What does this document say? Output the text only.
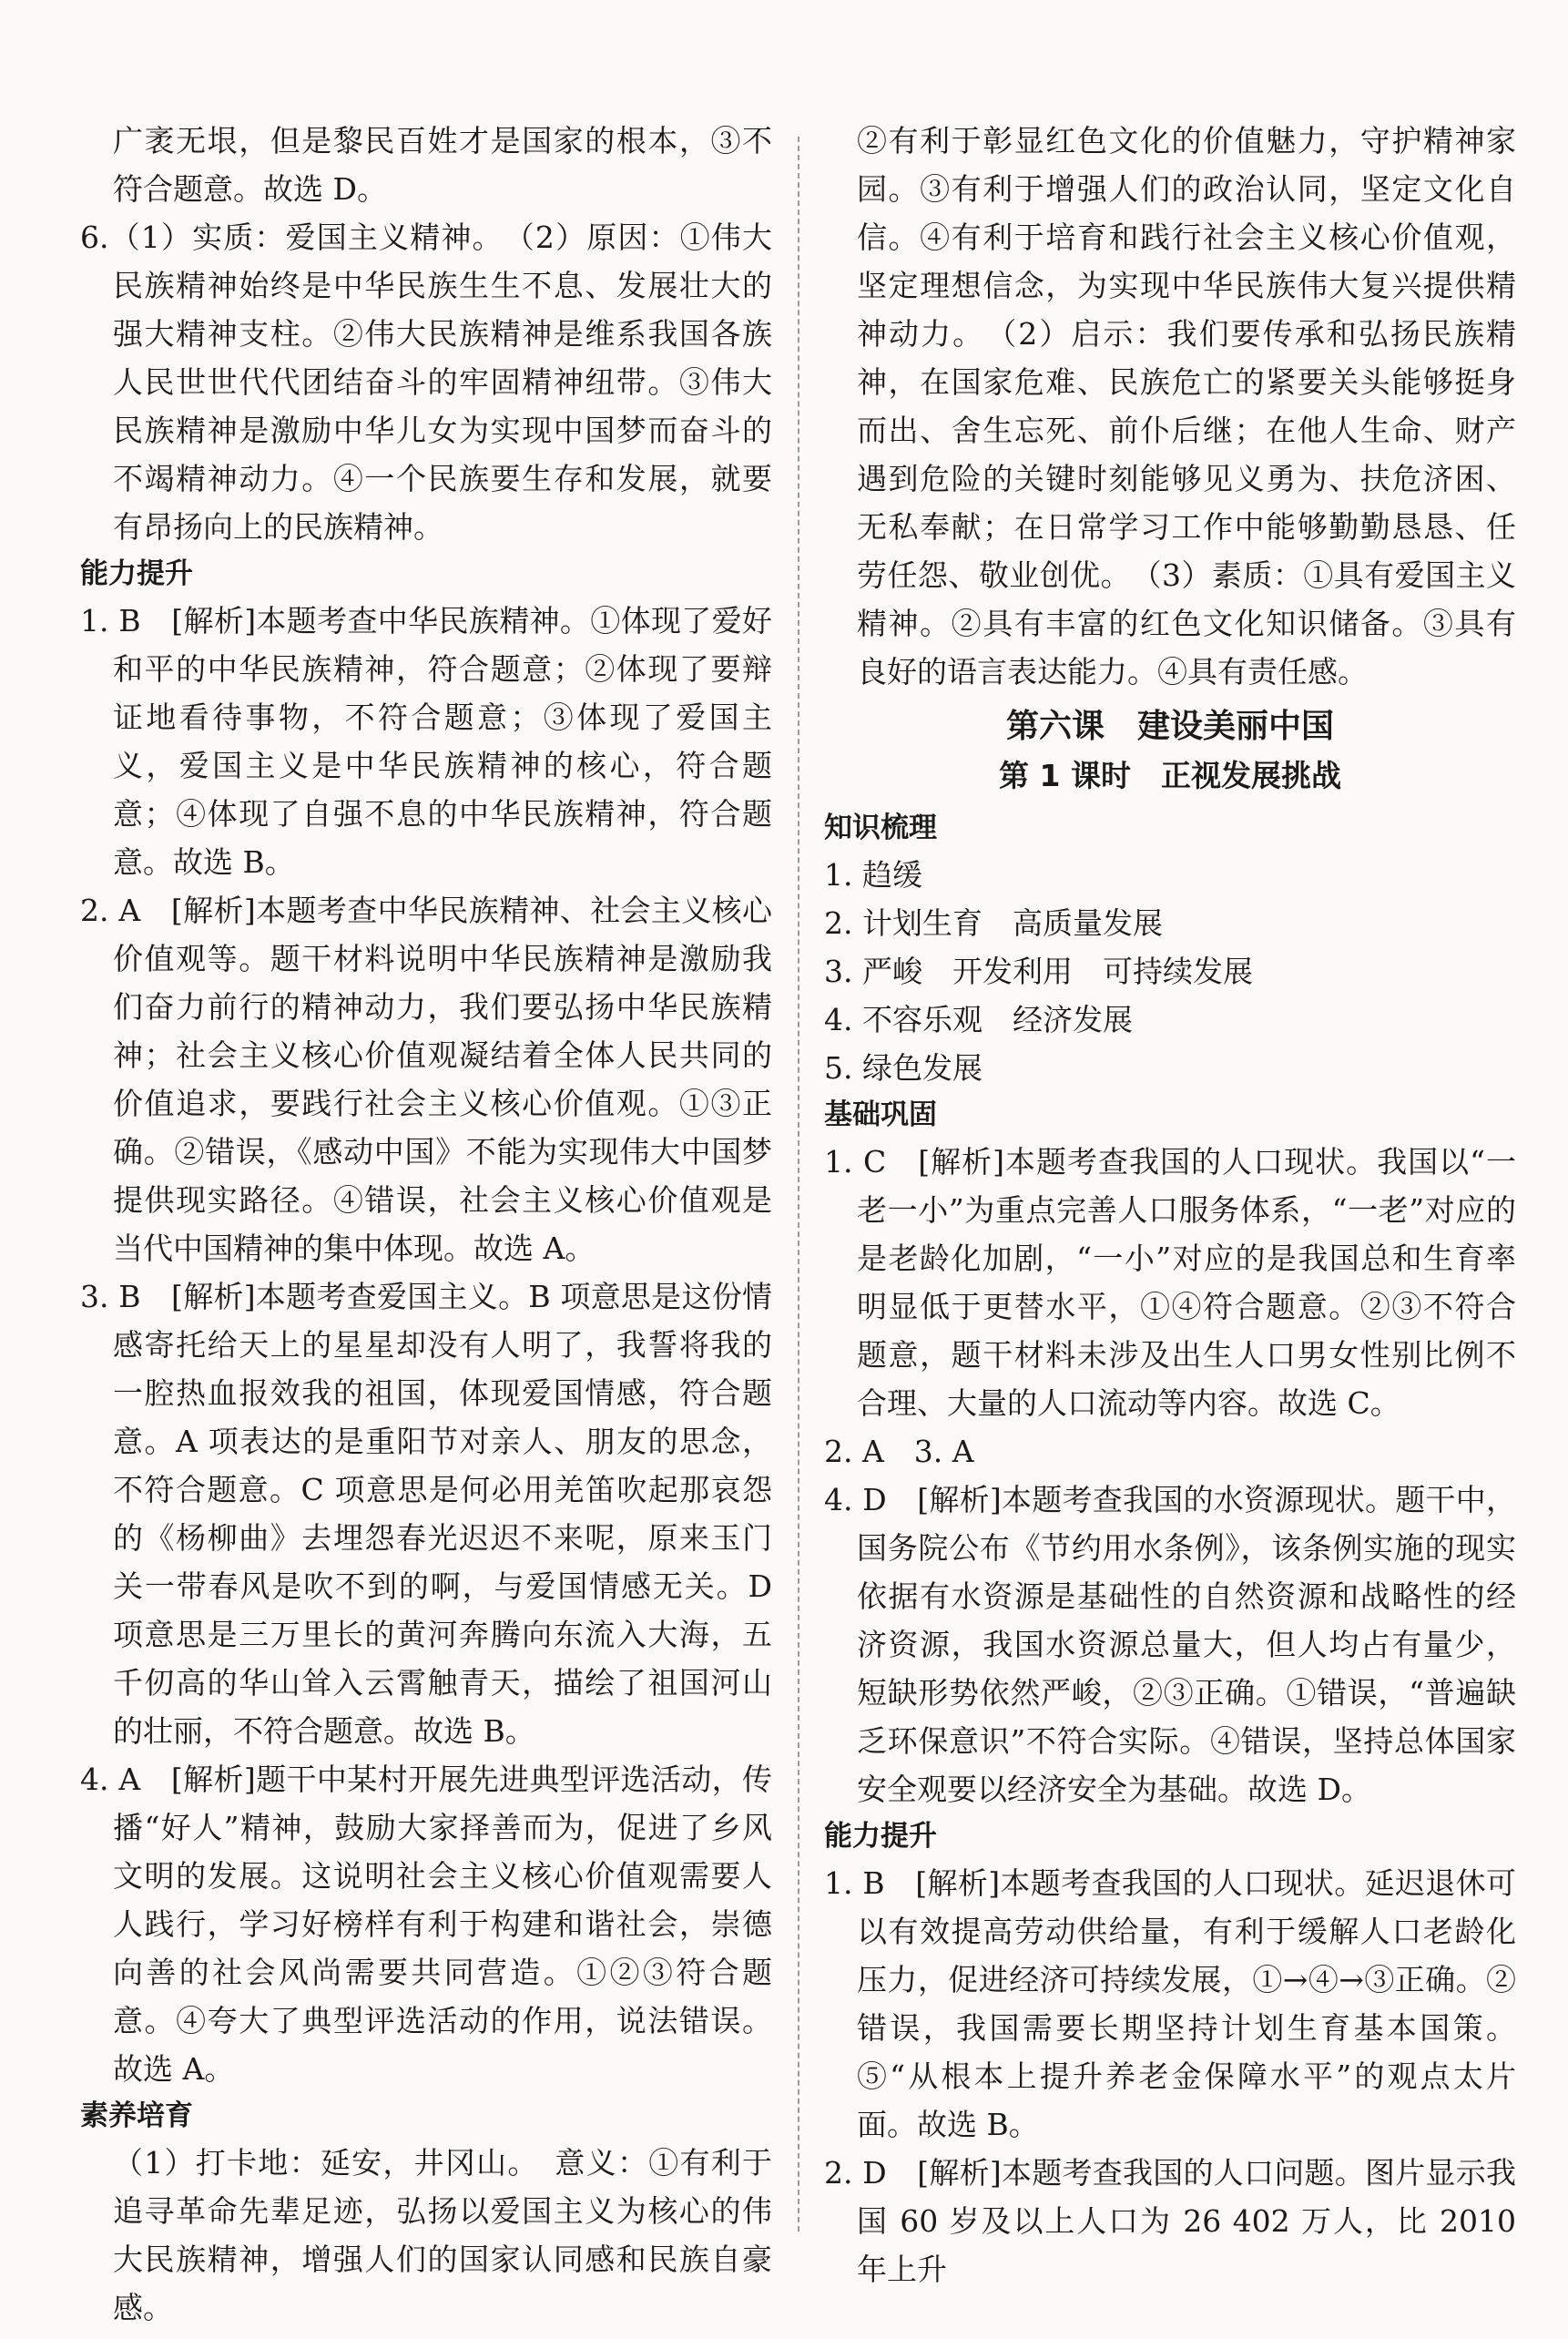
广袤无垠，但是黎民百姓才是国家的根本，③不符合题意。故选 D。

6.（1）实质：爱国主义精神。　（2）原因：①伟大民族精神始终是中华民族生生不息、发展壮大的强大精神支柱。②伟大民族精神是维系我国各族人民世世代代团结奋斗的牢固精神纽带。③伟大民族精神是激励中华儿女为实现中国梦而奋斗的不竭精神动力。④一个民族要生存和发展，就要有昂扬向上的民族精神。

能力提升

1. B　[解析]本题考查中华民族精神。①体现了爱好和平的中华民族精神，符合题意；②体现了要辩证地看待事物，不符合题意；③体现了爱国主义，爱国主义是中华民族精神的核心，符合题意；④体现了自强不息的中华民族精神，符合题意。故选 B。

2. A　[解析]本题考查中华民族精神、社会主义核心价值观等。题干材料说明中华民族精神是激励我们奋力前行的精神动力，我们要弘扬中华民族精神；社会主义核心价值观凝结着全体人民共同的价值追求，要践行社会主义核心价值观。①③正确。②错误，《感动中国》不能为实现伟大中国梦提供现实路径。④错误，社会主义核心价值观是当代中国精神的集中体现。故选 A。

3. B　[解析]本题考查爱国主义。B 项意思是这份情感寄托给天上的星星却没有人明了，我誓将我的一腔热血报效我的祖国，体现爱国情感，符合题意。A 项表达的是重阳节对亲人、朋友的思念，不符合题意。C 项意思是何必用羌笛吹起那哀怨的《杨柳曲》去埋怨春光迟迟不来呢，原来玉门关一带春风是吹不到的啊，与爱国情感无关。D 项意思是三万里长的黄河奔腾向东流入大海，五千仞高的华山耸入云霄触青天，描绘了祖国河山的壮丽，不符合题意。故选 B。

4. A　[解析]题干中某村开展先进典型评选活动，传播“好人”精神，鼓励大家择善而为，促进了乡风文明的发展。这说明社会主义核心价值观需要人人践行，学习好榜样有利于构建和谐社会，崇德向善的社会风尚需要共同营造。①②③符合题意。④夸大了典型评选活动的作用，说法错误。故选 A。

素养培育

（1）打卡地：延安，井冈山。　意义：①有利于追寻革命先辈足迹，弘扬以爱国主义为核心的伟大民族精神，增强人们的国家认同感和民族自豪感。

②有利于彰显红色文化的价值魅力，守护精神家园。③有利于增强人们的政治认同，坚定文化自信。④有利于培育和践行社会主义核心价值观，坚定理想信念，为实现中华民族伟大复兴提供精神动力。　（2）启示：我们要传承和弘扬民族精神，在国家危难、民族危亡的紧要关头能够挺身而出、舍生忘死、前仆后继；在他人生命、财产遇到危险的关键时刻能够见义勇为、扶危济困、无私奉献；在日常学习工作中能够勤勤恳恳、任劳任怨、敬业创优。　（3）素质：①具有爱国主义精神。②具有丰富的红色文化知识储备。③具有良好的语言表达能力。④具有责任感。

第六课　建设美丽中国

第 1 课时　正视发展挑战

知识梳理

1. 趋缓

2. 计划生育　高质量发展

3. 严峻　开发利用　可持续发展

4. 不容乐观　经济发展

5. 绿色发展

基础巩固

1. C　[解析]本题考查我国的人口现状。我国以“一老一小”为重点完善人口服务体系，“一老”对应的是老龄化加剧，“一小”对应的是我国总和生育率明显低于更替水平，①④符合题意。②③不符合题意，题干材料未涉及出生人口男女性别比例不合理、大量的人口流动等内容。故选 C。

2. A　3. A

4. D　[解析]本题考查我国的水资源现状。题干中，国务院公布《节约用水条例》，该条例实施的现实依据有水资源是基础性的自然资源和战略性的经济资源，我国水资源总量大，但人均占有量少，短缺形势依然严峻，②③正确。①错误，“普遍缺乏环保意识”不符合实际。④错误，坚持总体国家安全观要以经济安全为基础。故选 D。

能力提升

1. B　[解析]本题考查我国的人口现状。延迟退休可以有效提高劳动供给量，有利于缓解人口老龄化压力，促进经济可持续发展，①→④→③正确。②错误，我国需要长期坚持计划生育基本国策。⑤“从根本上提升养老金保障水平”的观点太片面。故选 B。

2. D　[解析]本题考查我国的人口问题。图片显示我国 60 岁及以上人口为 26 402 万人，比 2010 年上升
